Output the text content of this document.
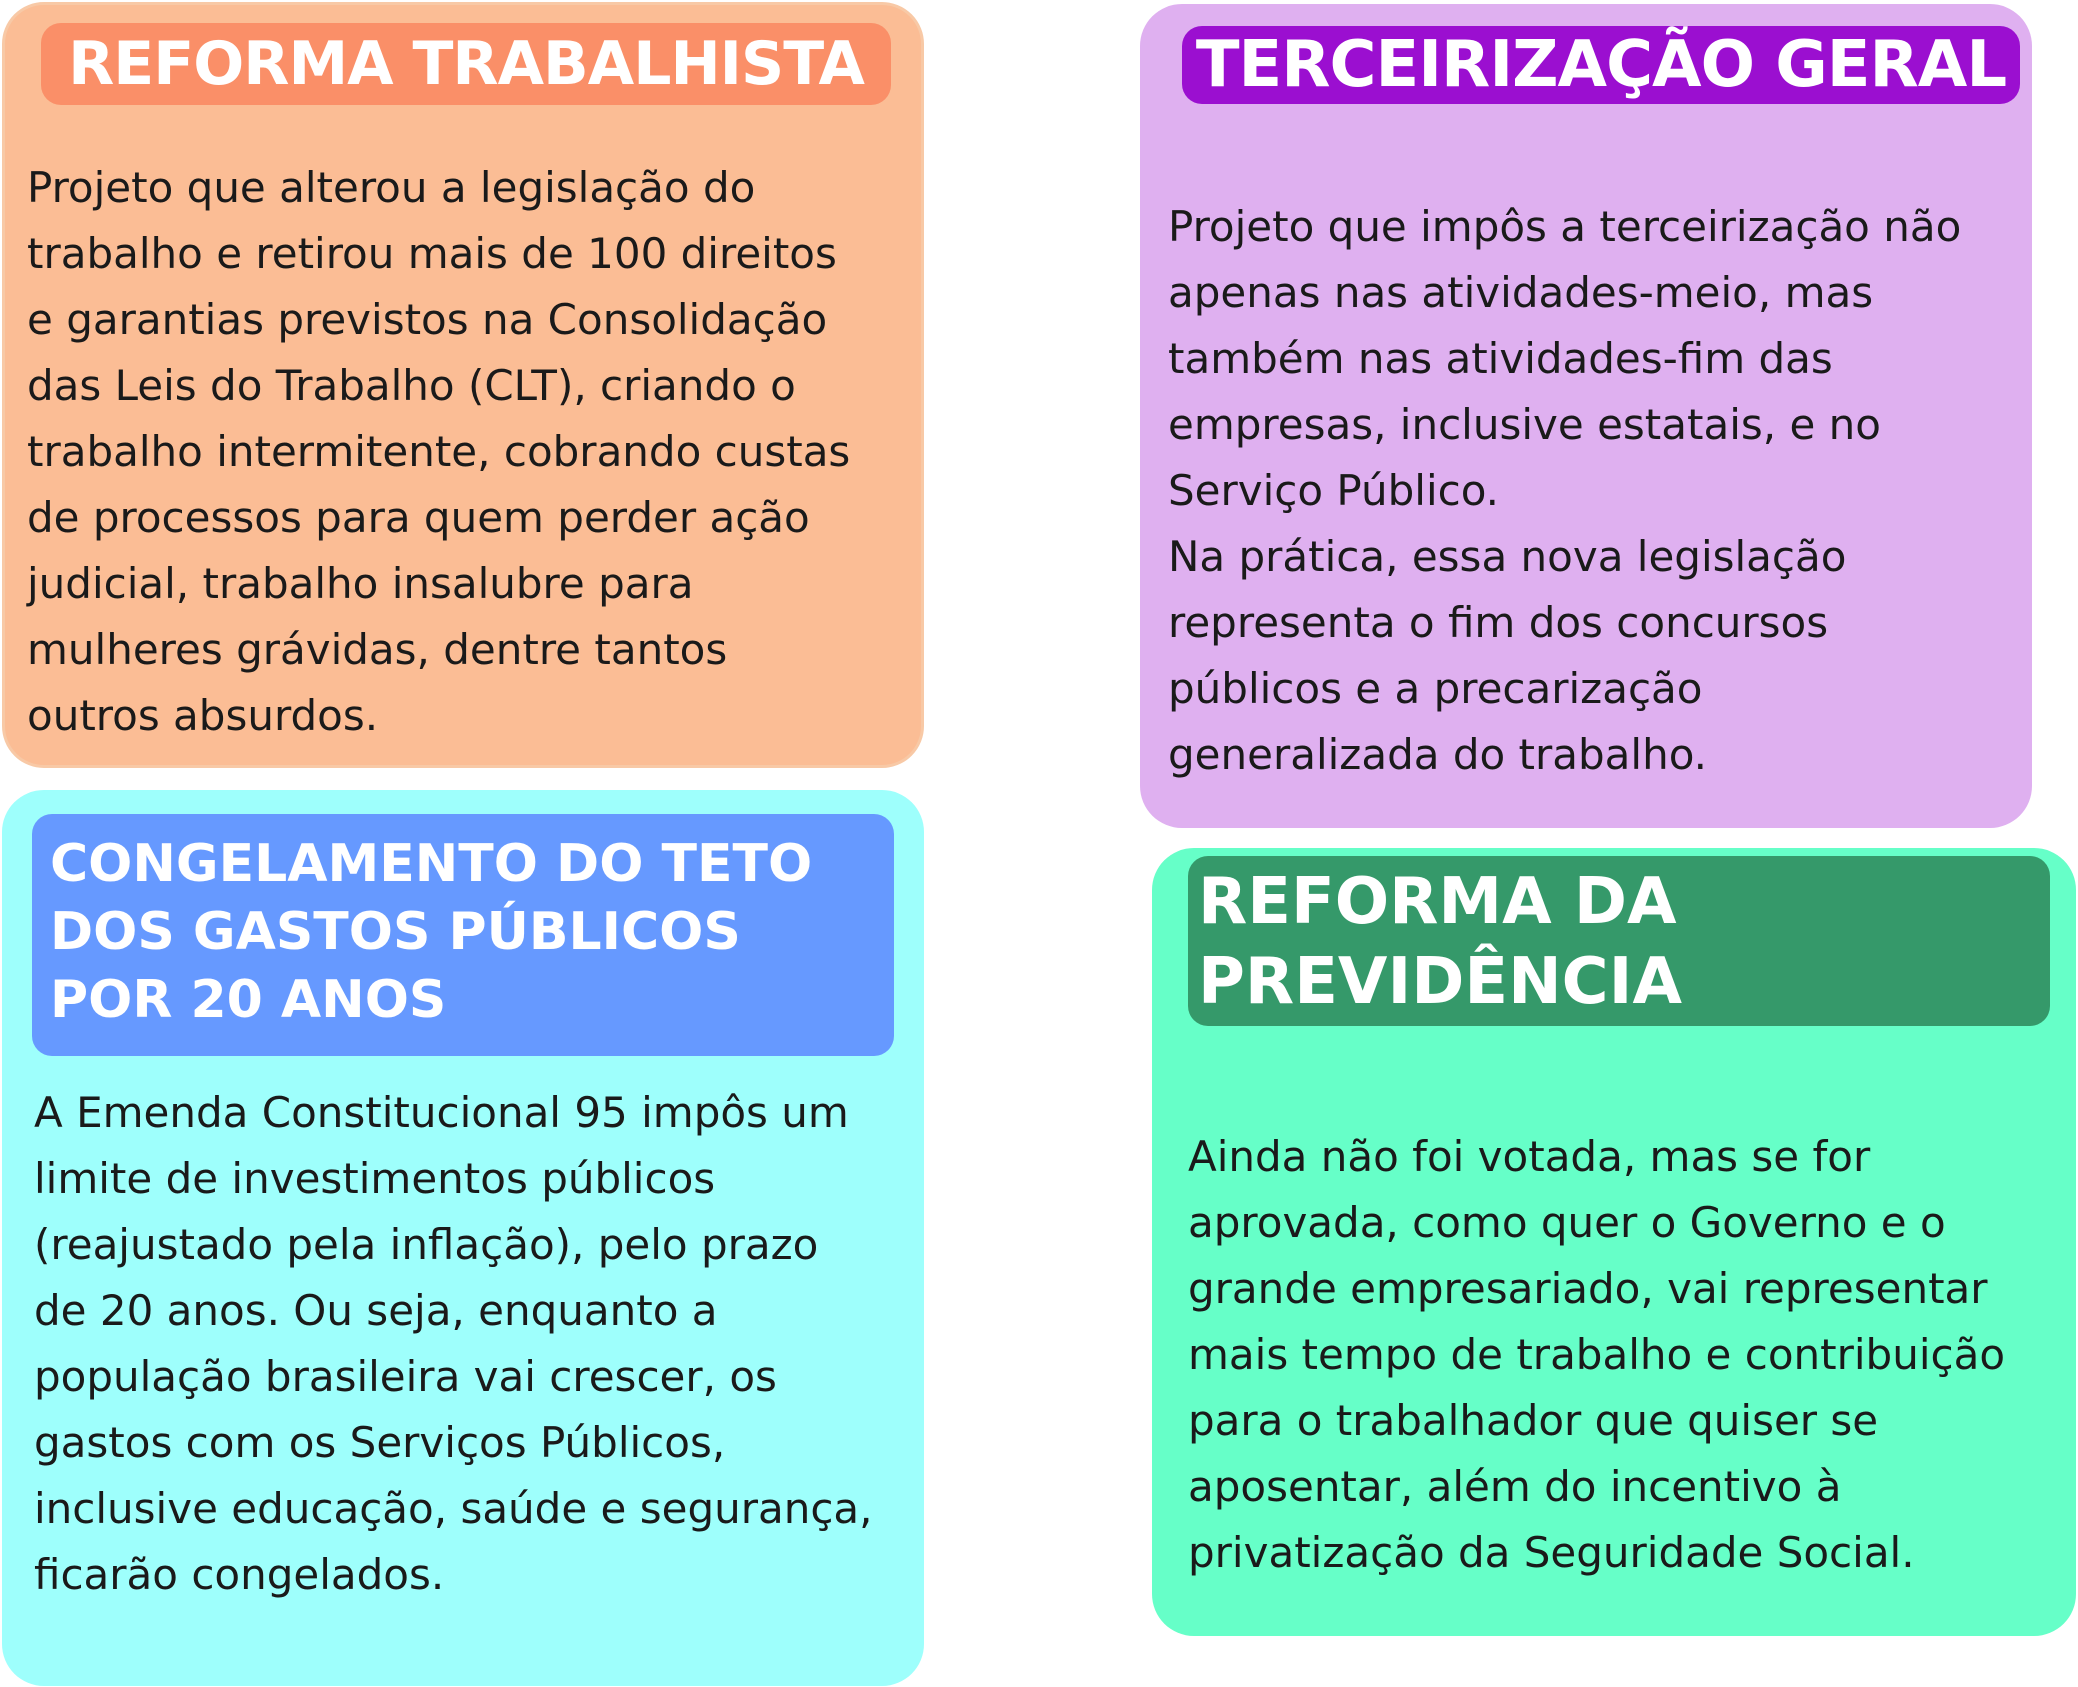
REFORMA TRABALHISTA

Projeto que alterou a legislação do
trabalho e retirou mais de 100 direitos
e garantias previstos na Consolidação
das Leis do Trabalho (CLT), criando o
trabalho intermitente, cobrando custas
de processos para quem perder ação
judicial, trabalho insalubre para
mulheres grávidas, dentre tantos
outros absurdos.

TERCEIRIZAÇÃO GERAL

Projeto que impôs a terceirização não
apenas nas atividades-meio, mas
também nas atividades-fim das
empresas, inclusive estatais, e no
Serviço Público.
Na prática, essa nova legislação
representa o fim dos concursos
públicos e a precarização
generalizada do trabalho.

CONGELAMENTO DO TETO
DOS GASTOS PÚBLICOS
POR 20 ANOS

A Emenda Constitucional 95 impôs um
limite de investimentos públicos
(reajustado pela inflação), pelo prazo
de 20 anos. Ou seja, enquanto a
população brasileira vai crescer, os
gastos com os Serviços Públicos,
inclusive educação, saúde e segurança,
ficarão congelados.

REFORMA DA
PREVIDÊNCIA

Ainda não foi votada, mas se for
aprovada, como quer o Governo e o
grande empresariado, vai representar
mais tempo de trabalho e contribuição
para o trabalhador que quiser se
aposentar, além do incentivo à
privatização da Seguridade Social.
